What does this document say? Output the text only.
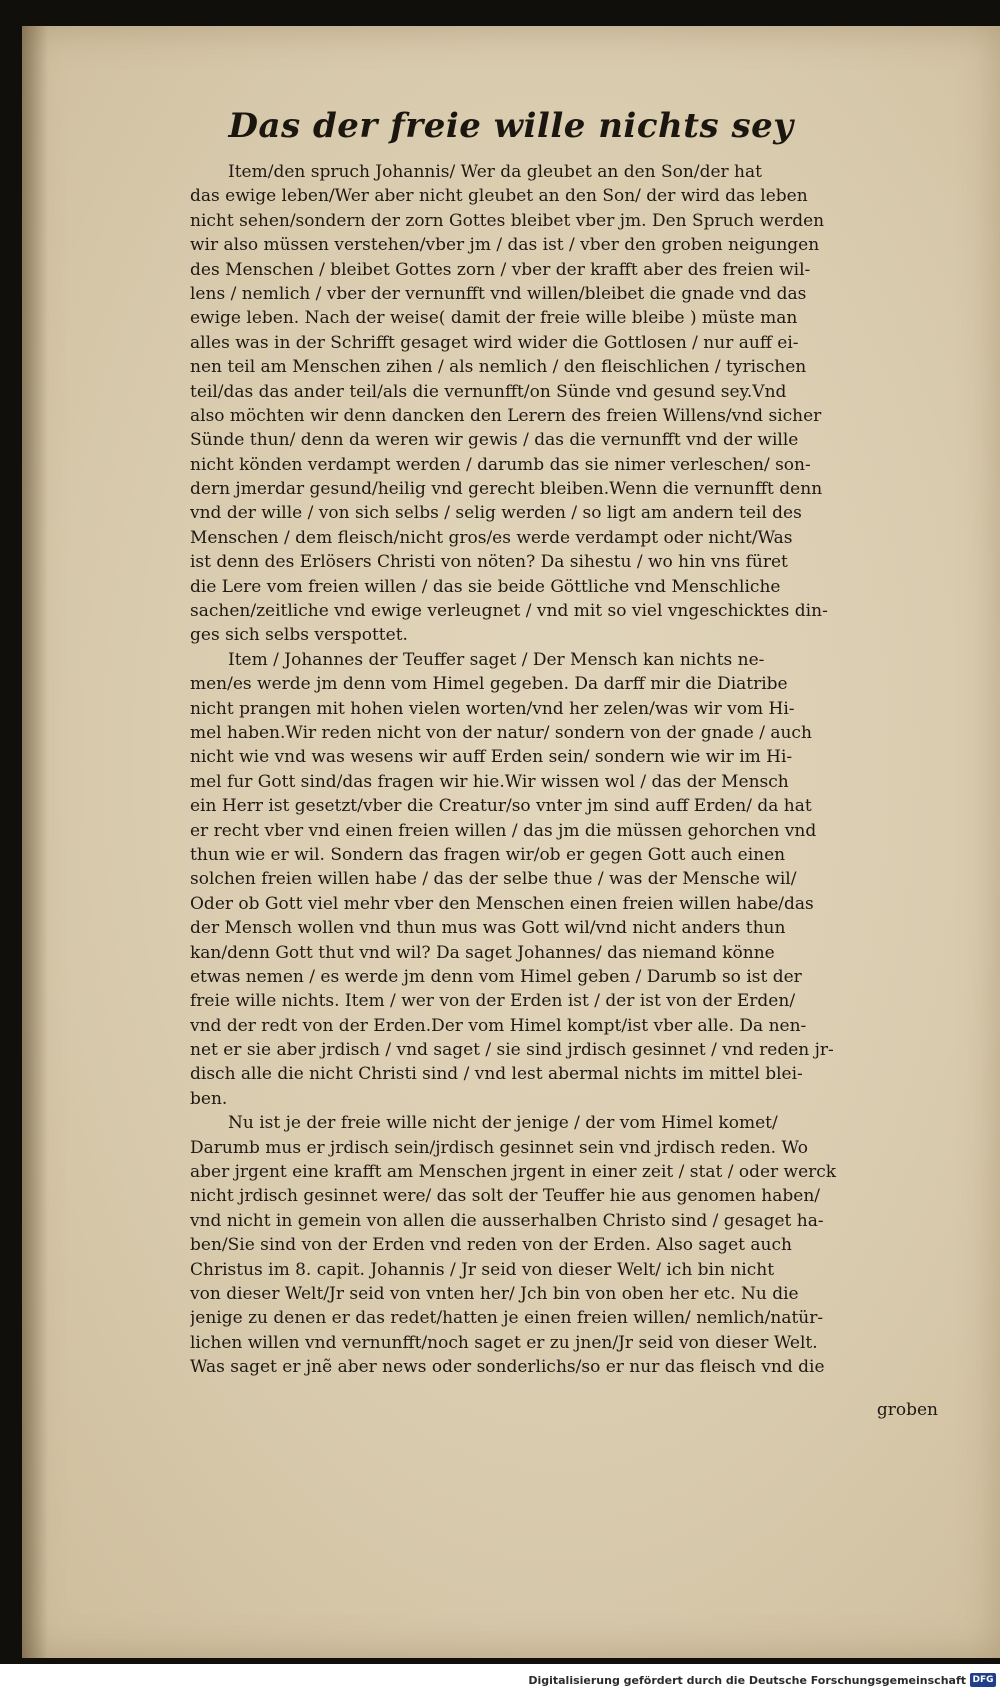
Das der freie wille nichts sey
Item/den spruch Johannis/ Wer da gleubet an den Son/der hat
das ewige leben/Wer aber nicht gleubet an den Son/ der wird das leben
nicht sehen/sondern der zorn Gottes bleibet vber jm. Den Spruch werden
wir also müssen verstehen/vber jm / das ist / vber den groben neigungen
des Menschen / bleibet Gottes zorn / vber der krafft aber des freien wil-
lens / nemlich / vber der vernunfft vnd willen/bleibet die gnade vnd das
ewige leben. Nach der weise( damit der freie wille bleibe ) müste man
alles was in der Schrifft gesaget wird wider die Gottlosen / nur auff ei-
nen teil am Menschen zihen / als nemlich / den fleischlichen / tyrischen
teil/das das ander teil/als die vernunfft/on Sünde vnd gesund sey.Vnd
also möchten wir denn dancken den Lerern des freien Willens/vnd sicher
Sünde thun/ denn da weren wir gewis / das die vernunfft vnd der wille
nicht könden verdampt werden / darumb das sie nimer verleschen/ son-
dern jmerdar gesund/heilig vnd gerecht bleiben.Wenn die vernunfft denn
vnd der wille / von sich selbs / selig werden / so ligt am andern teil des
Menschen / dem fleisch/nicht gros/es werde verdampt oder nicht/Was
ist denn des Erlösers Christi von nöten? Da sihestu / wo hin vns füret
die Lere vom freien willen / das sie beide Göttliche vnd Menschliche
sachen/zeitliche vnd ewige verleugnet / vnd mit so viel vngeschicktes din-
ges sich selbs verspottet.
Item / Johannes der Teuffer saget / Der Mensch kan nichts ne-
men/es werde jm denn vom Himel gegeben. Da darff mir die Diatribe
nicht prangen mit hohen vielen worten/vnd her zelen/was wir vom Hi-
mel haben.Wir reden nicht von der natur/ sondern von der gnade / auch
nicht wie vnd was wesens wir auff Erden sein/ sondern wie wir im Hi-
mel fur Gott sind/das fragen wir hie.Wir wissen wol / das der Mensch
ein Herr ist gesetzt/vber die Creatur/so vnter jm sind auff Erden/ da hat
er recht vber vnd einen freien willen / das jm die müssen gehorchen vnd
thun wie er wil. Sondern das fragen wir/ob er gegen Gott auch einen
solchen freien willen habe / das der selbe thue / was der Mensche wil/
Oder ob Gott viel mehr vber den Menschen einen freien willen habe/das
der Mensch wollen vnd thun mus was Gott wil/vnd nicht anders thun
kan/denn Gott thut vnd wil? Da saget Johannes/ das niemand könne
etwas nemen / es werde jm denn vom Himel geben / Darumb so ist der
freie wille nichts. Item / wer von der Erden ist / der ist von der Erden/
vnd der redt von der Erden.Der vom Himel kompt/ist vber alle. Da nen-
net er sie aber jrdisch / vnd saget / sie sind jrdisch gesinnet / vnd reden jr-
disch alle die nicht Christi sind / vnd lest abermal nichts im mittel blei-
ben.
Nu ist je der freie wille nicht der jenige / der vom Himel komet/
Darumb mus er jrdisch sein/jrdisch gesinnet sein vnd jrdisch reden. Wo
aber jrgent eine krafft am Menschen jrgent in einer zeit / stat / oder werck
nicht jrdisch gesinnet were/ das solt der Teuffer hie aus genomen haben/
vnd nicht in gemein von allen die ausserhalben Christo sind / gesaget ha-
ben/Sie sind von der Erden vnd reden von der Erden. Also saget auch
Christus im 8. capit. Johannis / Jr seid von dieser Welt/ ich bin nicht
von dieser Welt/Jr seid von vnten her/ Jch bin von oben her etc. Nu die
jenige zu denen er das redet/hatten je einen freien willen/ nemlich/natür-
lichen willen vnd vernunfft/noch saget er zu jnen/Jr seid von dieser Welt.
Was saget er jnẽ aber news oder sonderlichs/so er nur das fleisch vnd die
groben
Digitalisierung gefördert durch die Deutsche Forschungsgemeinschaft DFG
